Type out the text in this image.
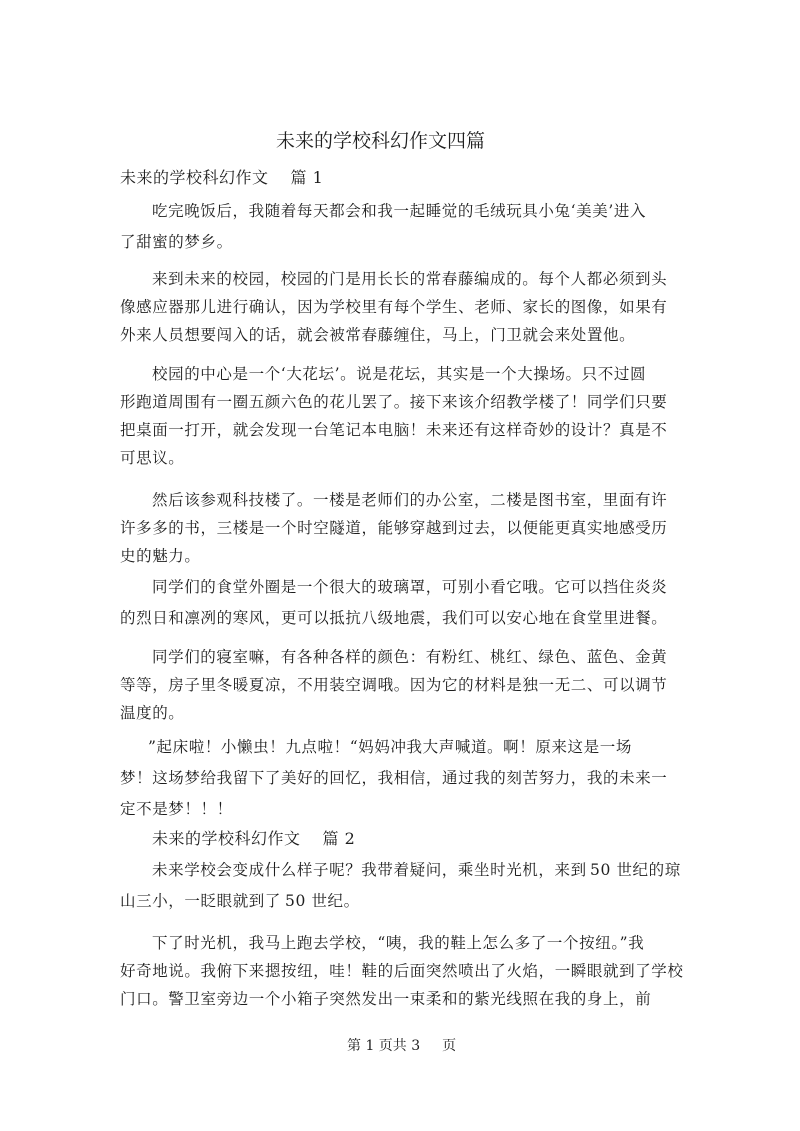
未来的学校科幻作文四篇
未来的学校科幻作文 篇 1
吃完晚饭后，我随着每天都会和我一起睡觉的毛绒玩具小兔‘美美’进入
了甜蜜的梦乡。
来到未来的校园，校园的门是用长长的常春藤编成的。每个人都必须到头
像感应器那儿进行确认，因为学校里有每个学生、老师、家长的图像，如果有
外来人员想要闯入的话，就会被常春藤缠住，马上，门卫就会来处置他。
校园的中心是一个‘大花坛’。说是花坛，其实是一个大操场。只不过圆
形跑道周围有一圈五颜六色的花儿罢了。接下来该介绍教学楼了！同学们只要
把桌面一打开，就会发现一台笔记本电脑！未来还有这样奇妙的设计？真是不
可思议。
然后该参观科技楼了。一楼是老师们的办公室，二楼是图书室，里面有许
许多多的书，三楼是一个时空隧道，能够穿越到过去，以便能更真实地感受历
史的魅力。
同学们的食堂外圈是一个很大的玻璃罩，可别小看它哦。它可以挡住炎炎
的烈日和凛冽的寒风，更可以抵抗八级地震，我们可以安心地在食堂里进餐。
同学们的寝室嘛，有各种各样的颜色：有粉红、桃红、绿色、蓝色、金黄
等等，房子里冬暖夏凉，不用装空调哦。因为它的材料是独一无二、可以调节
温度的。
”起床啦！小懒虫！九点啦！“妈妈冲我大声喊道。啊！原来这是一场
梦！这场梦给我留下了美好的回忆，我相信，通过我的刻苦努力，我的未来一
定不是梦！！！
未来的学校科幻作文 篇 2
未来学校会变成什么样子呢？我带着疑问，乘坐时光机，来到 50 世纪的琼
山三小，一眨眼就到了 50 世纪。
下了时光机，我马上跑去学校，“咦，我的鞋上怎么多了一个按纽。”我
好奇地说。我俯下来摁按纽，哇！鞋的后面突然喷出了火焰，一瞬眼就到了学校
门口。警卫室旁边一个小箱子突然发出一束柔和的紫光线照在我的身上，前
第 1 页共 3 页
